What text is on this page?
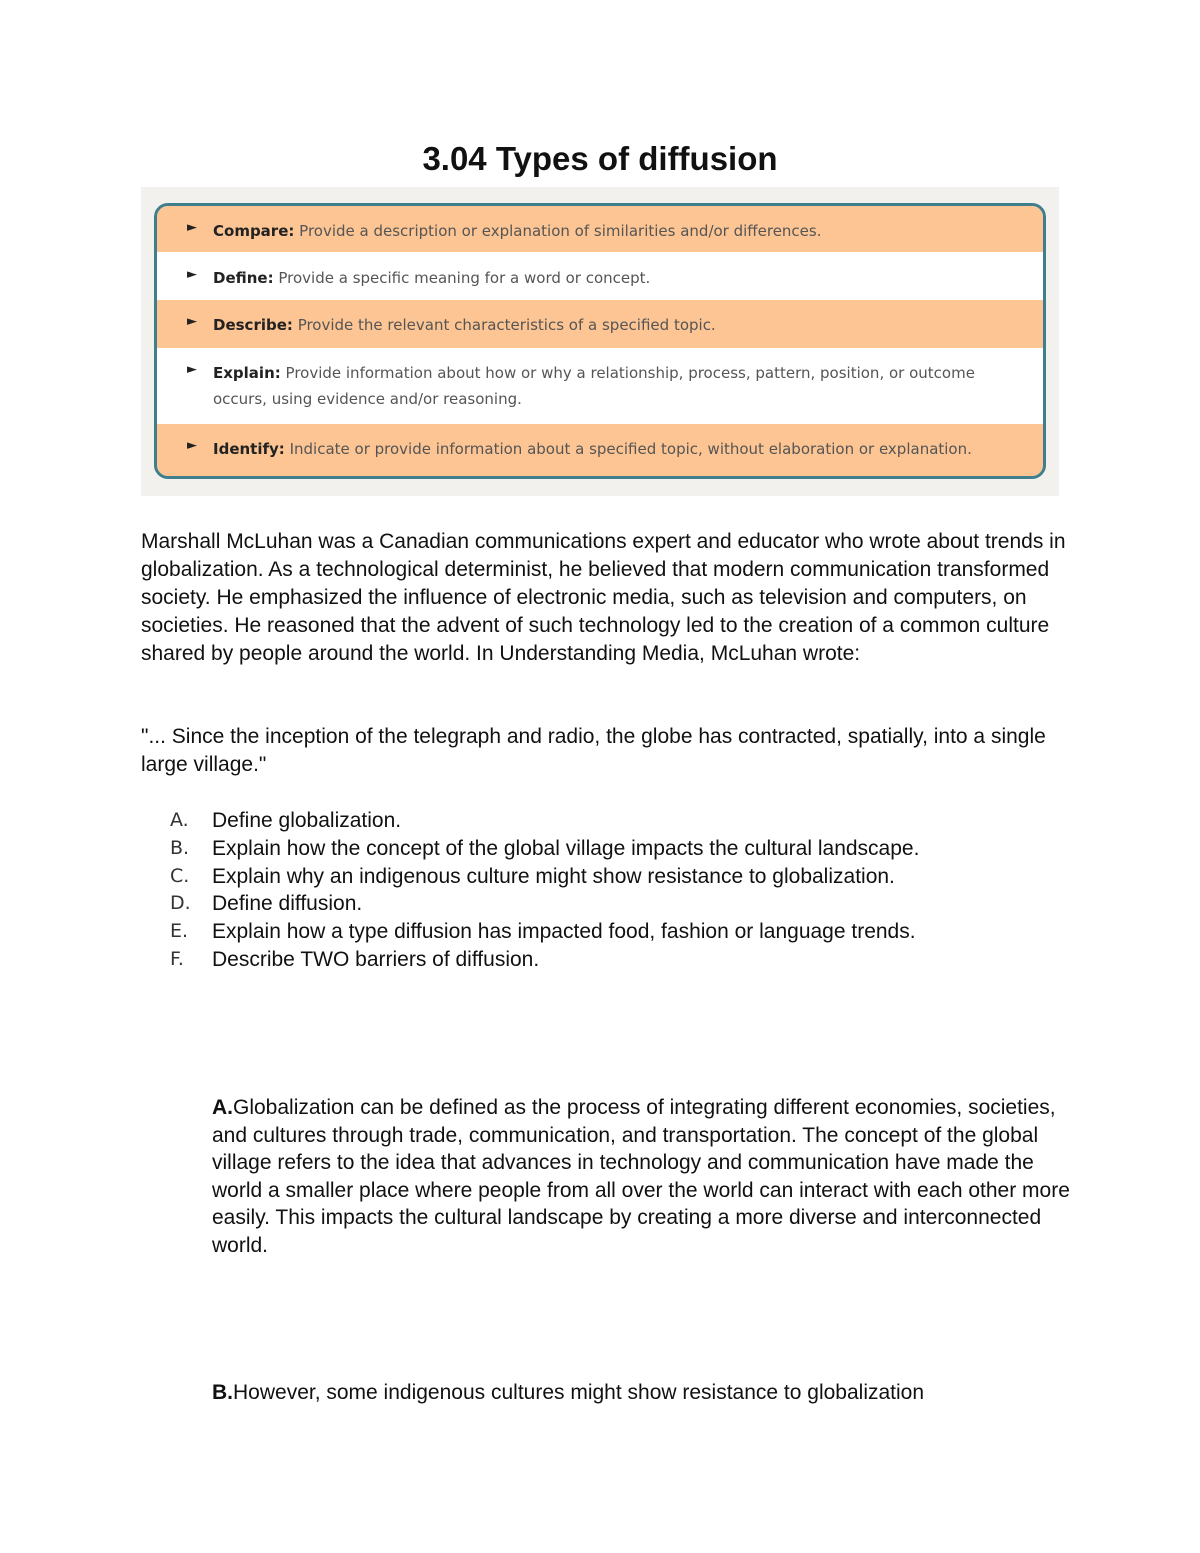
3.04 Types of diffusion
►	Compare: Provide a description or explanation of similarities and/or differences.
►	Define: Provide a specific meaning for a word or concept.
►	Describe: Provide the relevant characteristics of a specified topic.
►	Explain: Provide information about how or why a relationship, process, pattern, position, or outcome occurs, using evidence and/or reasoning.
►	Identify: Indicate or provide information about a specified topic, without elaboration or explanation.

Marshall McLuhan was a Canadian communications expert and educator who wrote about trends in globalization. As a technological determinist, he believed that modern communication transformed society. He emphasized the influence of electronic media, such as television and computers, on societies. He reasoned that the advent of such technology led to the creation of a common culture shared by people around the world. In Understanding Media, McLuhan wrote:

"... Since the inception of the telegraph and radio, the globe has contracted, spatially, into a single large village."

A.	Define globalization.
B.	Explain how the concept of the global village impacts the cultural landscape.
C.	Explain why an indigenous culture might show resistance to globalization.
D.	Define diffusion.
E.	Explain how a type diffusion has impacted food, fashion or language trends.
F.	Describe TWO barriers of diffusion.

A.Globalization can be defined as the process of integrating different economies, societies, and cultures through trade, communication, and transportation. The concept of the global village refers to the idea that advances in technology and communication have made the world a smaller place where people from all over the world can interact with each other more easily. This impacts the cultural landscape by creating a more diverse and interconnected world.

B.However, some indigenous cultures might show resistance to globalization
